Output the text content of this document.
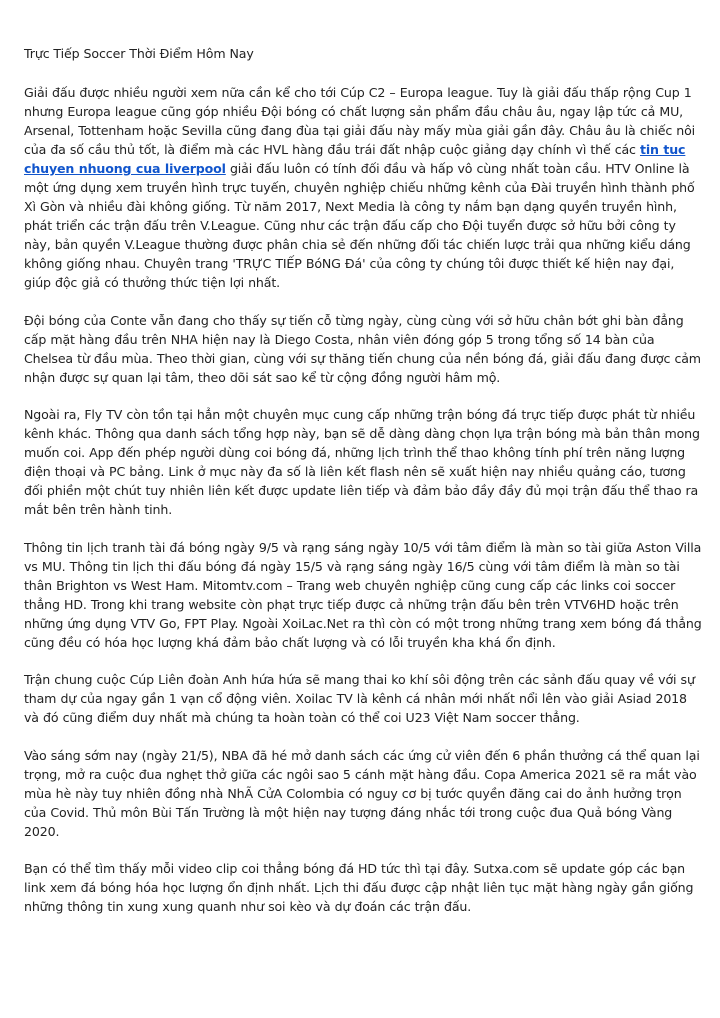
Trực Tiếp Soccer Thời Điểm Hôm Nay

Giải đấu được nhiều người xem nữa cần kể cho tới Cúp C2 – Europa league. Tuy là giải đấu thấp rộng Cup 1 nhưng Europa league cũng góp nhiều Đội bóng có chất lượng sản phẩm đầu châu âu, ngay lập tức cả MU, Arsenal, Tottenham hoặc Sevilla cũng đang đùa tại giải đấu này mấy mùa giải gần đây. Châu âu là chiếc nôi của đa số cầu thủ tốt, là điểm mà các HVL hàng đầu trái đất nhập cuộc giảng dạy chính vì thế các tin tuc chuyen nhuong cua liverpool giải đấu luôn có tính đối đầu và hấp vô cùng nhất toàn cầu. HTV Online là một ứng dụng xem truyền hình trực tuyến, chuyên nghiệp chiếu những kênh của Đài truyền hình thành phố Xì Gòn và nhiều đài không giống. Từ năm 2017, Next Media là công ty nắm bạn dạng quyền truyền hình, phát triển các trận đấu trên V.League. Cũng như các trận đấu cấp cho Đội tuyển được sở hữu bởi công ty này, bản quyền V.League thường được phân chia sẻ đến những đối tác chiến lược trải qua những kiểu dáng không giống nhau. Chuyên trang 'TRỰC TIẾP BóNG Đá' của công ty chúng tôi được thiết kế hiện nay đại, giúp độc giả có thưởng thức tiện lợi nhất.

Đội bóng của Conte vẫn đang cho thấy sự tiến cỗ từng ngày, cùng cùng với sở hữu chân bớt ghi bàn đẳng cấp mặt hàng đầu trên NHA hiện nay là Diego Costa, nhân viên đóng góp 5 trong tổng số 14 bàn của Chelsea từ đầu mùa. Theo thời gian, cùng với sự thăng tiến chung của nền bóng đá, giải đấu đang được cảm nhận được sự quan lại tâm, theo dõi sát sao kể từ cộng đồng người hâm mộ.

Ngoài ra, Fly TV còn tồn tại hẳn một chuyên mục cung cấp những trận bóng đá trực tiếp được phát từ nhiều kênh khác. Thông qua danh sách tổng hợp này, bạn sẽ dễ dàng dàng chọn lựa trận bóng mà bản thân mong muốn coi. App đến phép người dùng coi bóng đá, những lịch trình thể thao không tính phí trên năng lượng điện thoại và PC bảng. Link ở mục này đa số là liên kết flash nên sẽ xuất hiện nay nhiều quảng cáo, tương đối phiền một chút tuy nhiên liên kết được update liên tiếp và đảm bảo đầy đầy đủ mọi trận đấu thể thao ra mắt bên trên hành tinh.

Thông tin lịch tranh tài đá bóng ngày 9/5 và rạng sáng ngày 10/5 với tâm điểm là màn so tài giữa Aston Villa vs MU. Thông tin lịch thi đấu bóng đá ngày 15/5 và rạng sáng ngày 16/5 cùng với tâm điểm là màn so tài thân Brighton vs West Ham. Mitomtv.com – Trang web chuyên nghiệp cũng cung cấp các links coi soccer thẳng HD. Trong khi trang website còn phạt trực tiếp được cả những trận đấu bên trên VTV6HD hoặc trên những ứng dụng VTV Go, FPT Play. Ngoài XoiLac.Net ra thì còn có một trong những trang xem bóng đá thẳng cũng đều có hóa học lượng khá đảm bảo chất lượng và có lỗi truyền kha khá ổn định.

Trận chung cuộc Cúp Liên đoàn Anh hứa hứa sẽ mang thai ko khí sôi động trên các sảnh đấu quay về với sự tham dự của ngay gần 1 vạn cổ động viên. Xoilac TV là kênh cá nhân mới nhất nổi lên vào giải Asiad 2018 và đó cũng điểm duy nhất mà chúng ta hoàn toàn có thể coi U23 Việt Nam soccer thẳng.

Vào sáng sớm nay (ngày 21/5), NBA đã hé mở danh sách các ứng cử viên đến 6 phần thưởng cá thể quan lại trọng, mở ra cuộc đua nghẹt thở giữa các ngôi sao 5 cánh mặt hàng đầu. Copa America 2021 sẽ ra mắt vào mùa hè này tuy nhiên đồng nhà NhÃ CửA Colombia có nguy cơ bị tước quyền đăng cai do ảnh hưởng trọn của Covid. Thủ môn Bùi Tấn Trường là một hiện nay tượng đáng nhắc tới trong cuộc đua Quả bóng Vàng 2020.

Bạn có thể tìm thấy mỗi video clip coi thẳng bóng đá HD tức thì tại đây. Sutxa.com sẽ update góp các bạn link xem đá bóng hóa học lượng ổn định nhất. Lịch thi đấu được cập nhật liên tục mặt hàng ngày gần giống những thông tin xung xung quanh như soi kèo và dự đoán các trận đấu.
